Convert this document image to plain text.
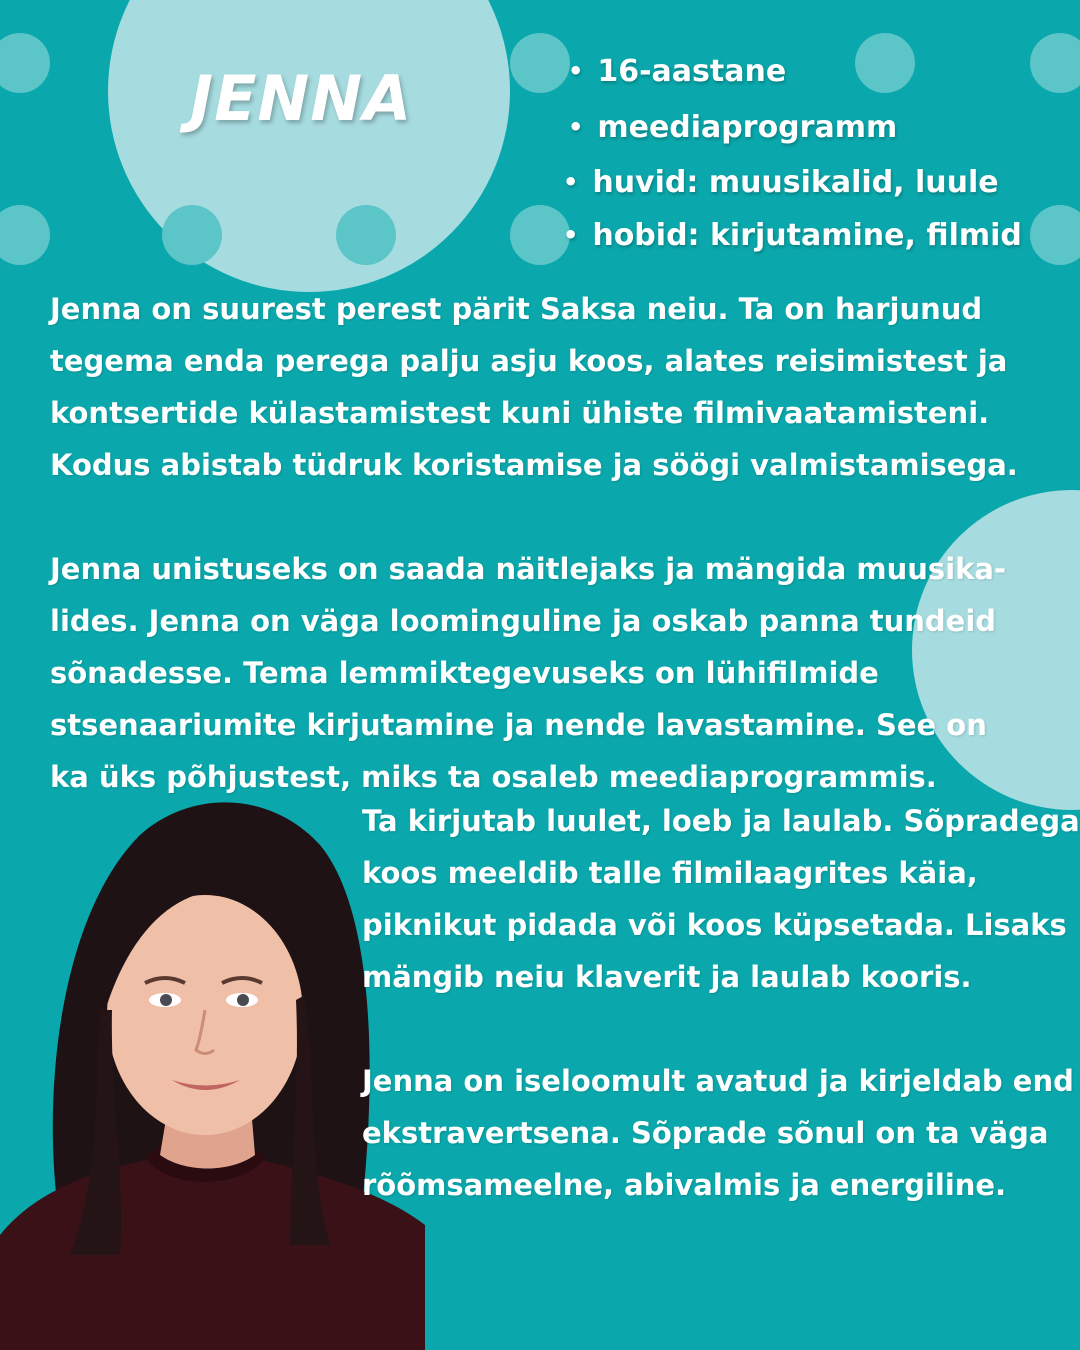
JENNA
•	16-aastane
• meediaprogramm
• huvid: muusikalid, luule
• hobid: kirjutamine, filmid
Jenna on suurest perest pärit Saksa neiu. Ta on harjunud
tegema enda perega palju asju koos, alates reisimistest ja
kontsertide külastamistest kuni ühiste filmivaatamisteni.
Kodus abistab tüdruk koristamise ja söögi valmistamisega.
Jenna unistuseks on saada näitlejaks ja mängida muusika-
lides. Jenna on väga loominguline ja oskab panna tundeid
sõnadesse. Tema lemmiktegevuseks on lühifilmide
stsenaariumite kirjutamine ja nende lavastamine. See on
ka üks põhjustest, miks ta osaleb meediaprogrammis.
Ta kirjutab luulet, loeb ja laulab. Sõpradega
koos meeldib talle filmilaagrites käia,
piknikut pidada või koos küpsetada. Lisaks
mängib neiu klaverit ja laulab kooris.
Jenna on iseloomult avatud ja kirjeldab end
ekstravertsena. Sõprade sõnul on ta väga
rõõmsameelne, abivalmis ja energiline.
